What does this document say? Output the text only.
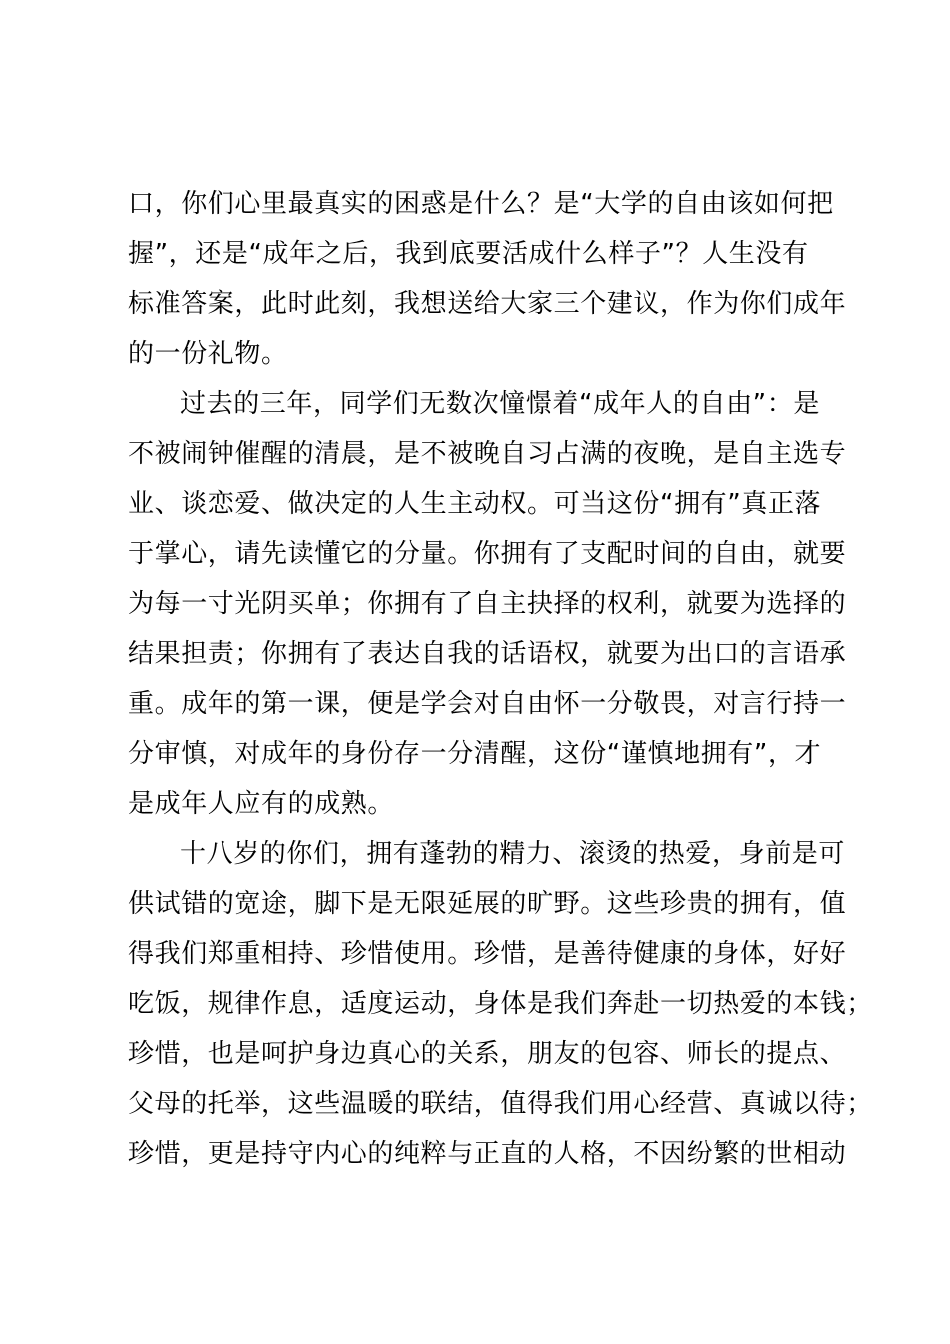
口，你们心里最真实的困惑是什么？是“大学的自由该如何把
握”，还是“成年之后，我到底要活成什么样子”？人生没有
标准答案，此时此刻，我想送给大家三个建议，作为你们成年
的一份礼物。
过去的三年，同学们无数次憧憬着“成年人的自由”：是
不被闹钟催醒的清晨，是不被晚自习占满的夜晚，是自主选专
业、谈恋爱、做决定的人生主动权。可当这份“拥有”真正落
于掌心，请先读懂它的分量。你拥有了支配时间的自由，就要
为每一寸光阴买单；你拥有了自主抉择的权利，就要为选择的
结果担责；你拥有了表达自我的话语权，就要为出口的言语承
重。成年的第一课，便是学会对自由怀一分敬畏，对言行持一
分审慎，对成年的身份存一分清醒，这份“谨慎地拥有”，才
是成年人应有的成熟。
十八岁的你们，拥有蓬勃的精力、滚烫的热爱，身前是可
供试错的宽途，脚下是无限延展的旷野。这些珍贵的拥有，值
得我们郑重相持、珍惜使用。珍惜，是善待健康的身体，好好
吃饭，规律作息，适度运动，身体是我们奔赴一切热爱的本钱；
珍惜，也是呵护身边真心的关系，朋友的包容、师长的提点、
父母的托举，这些温暖的联结，值得我们用心经营、真诚以待；
珍惜，更是持守内心的纯粹与正直的人格，不因纷繁的世相动
